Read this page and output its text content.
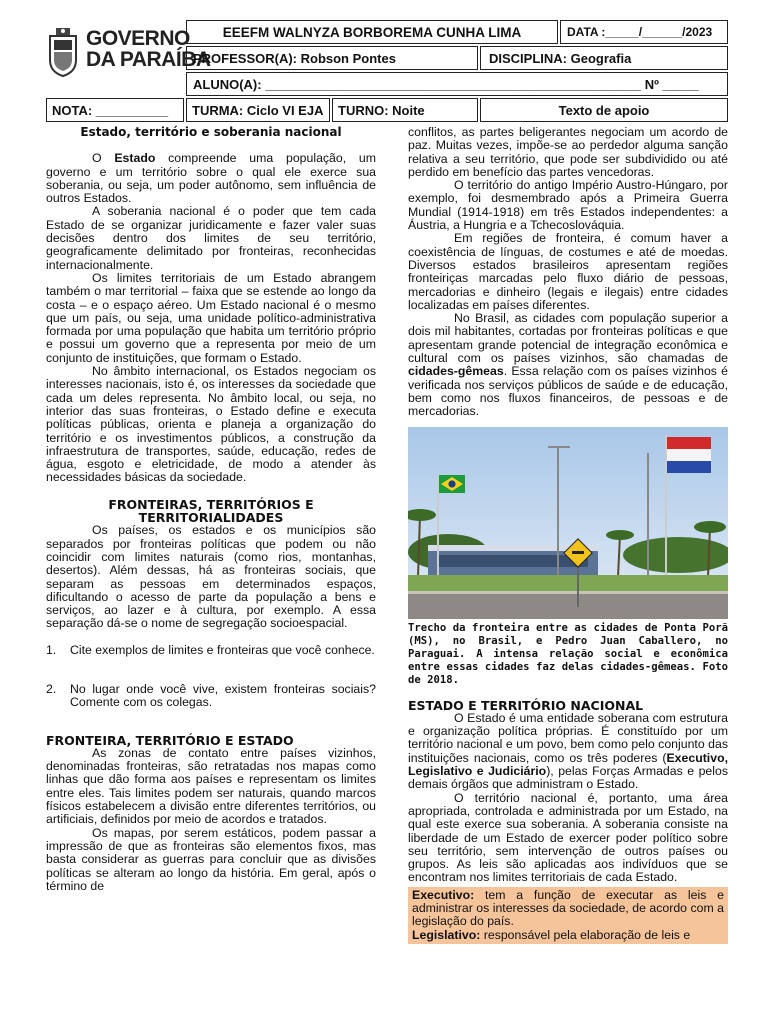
GOVERNO
DA PARAÍBA
EEEFM WALNYZA BORBOREMA CUNHA LIMA	DATA :_____/______/2023
PROFESSOR(A): Robson Pontes	DISCIPLINA: Geografia
ALUNO(A): ____________________________________________________ Nº _____
NOTA: __________	TURMA: Ciclo VI EJA	TURNO: Noite	Texto de apoio
Estado, território e soberania nacional

O Estado compreende uma população, um governo e um território sobre o qual ele exerce sua soberania, ou seja, um poder autônomo, sem influência de outros Estados.

A soberania nacional é o poder que tem cada Estado de se organizar juridicamente e fazer valer suas decisões dentro dos limites de seu território, geograficamente delimitado por fronteiras, reconhecidas internacionalmente.

Os limites territoriais de um Estado abrangem também o mar territorial – faixa que se estende ao longo da costa – e o espaço aéreo. Um Estado nacional é o mesmo que um país, ou seja, uma unidade político-administrativa formada por uma população que habita um território próprio e possui um governo que a representa por meio de um conjunto de instituições, que formam o Estado.

No âmbito internacional, os Estados negociam os interesses nacionais, isto é, os interesses da sociedade que cada um deles representa. No âmbito local, ou seja, no interior das suas fronteiras, o Estado define e executa políticas públicas, orienta e planeja a organização do território e os investimentos públicos, a construção da infraestrutura de transportes, saúde, educação, redes de água, esgoto e eletricidade, de modo a atender às necessidades básicas da sociedade.

FRONTEIRAS, TERRITÓRIOS E
TERRITORIALIDADES

Os países, os estados e os municípios são separados por fronteiras políticas que podem ou não coincidir com limites naturais (como rios, montanhas, desertos). Além dessas, há as fronteiras sociais, que separam as pessoas em determinados espaços, dificultando o acesso de parte da população a bens e serviços, ao lazer e à cultura, por exemplo. A essa separação dá-se o nome de segregação socioespacial.

1.	Cite exemplos de limites e fronteiras que você conhece.
2.	No lugar onde você vive, existem fronteiras sociais? Comente com os colegas.
FRONTEIRA, TERRITÓRIO E ESTADO

As zonas de contato entre países vizinhos, denominadas fronteiras, são retratadas nos mapas como linhas que dão forma aos países e representam os limites entre eles. Tais limites podem ser naturais, quando marcos físicos estabelecem a divisão entre diferentes territórios, ou artificiais, definidos por meio de acordos e tratados.

Os mapas, por serem estáticos, podem passar a impressão de que as fronteiras são elementos fixos, mas basta considerar as guerras para concluir que as divisões políticas se alteram ao longo da história. Em geral, após o término de

conflitos, as partes beligerantes negociam um acordo de paz. Muitas vezes, impõe-se ao perdedor alguma sanção relativa a seu território, que pode ser subdividido ou até perdido em benefício das partes vencedoras.

O território do antigo Império Austro-Húngaro, por exemplo, foi desmembrado após a Primeira Guerra Mundial (1914-1918) em três Estados independentes: a Áustria, a Hungria e a Tchecoslováquia.

Em regiões de fronteira, é comum haver a coexistência de línguas, de costumes e até de moedas. Diversos estados brasileiros apresentam regiões fronteiriças marcadas pelo fluxo diário de pessoas, mercadorias e dinheiro (legais e ilegais) entre cidades localizadas em países diferentes.

No Brasil, as cidades com população superior a dois mil habitantes, cortadas por fronteiras políticas e que apresentam grande potencial de integração econômica e cultural com os países vizinhos, são chamadas de cidades-gêmeas. Essa relação com os países vizinhos é verificada nos serviços públicos de saúde e de educação, bem como nos fluxos financeiros, de pessoas e de mercadorias.

Trecho da fronteira entre as cidades de Ponta Porã (MS), no Brasil, e Pedro Juan Caballero, no Paraguai. A intensa relação social e econômica entre essas cidades faz delas cidades-gêmeas. Foto de 2018.
ESTADO E TERRITÓRIO NACIONAL

O Estado é uma entidade soberana com estrutura e organização política próprias. É constituído por um território nacional e um povo, bem como pelo conjunto das instituições nacionais, como os três poderes (Executivo, Legislativo e Judiciário), pelas Forças Armadas e pelos demais órgãos que administram o Estado.

O território nacional é, portanto, uma área apropriada, controlada e administrada por um Estado, na qual este exerce sua soberania. A soberania consiste na liberdade de um Estado de exercer poder político sobre seu território, sem intervenção de outros países ou grupos. As leis são aplicadas aos indivíduos que se encontram nos limites territoriais de cada Estado.

Executivo: tem a função de executar as leis e administrar os interesses da sociedade, de acordo com a legislação do país.
Legislativo: responsável pela elaboração de leis e
